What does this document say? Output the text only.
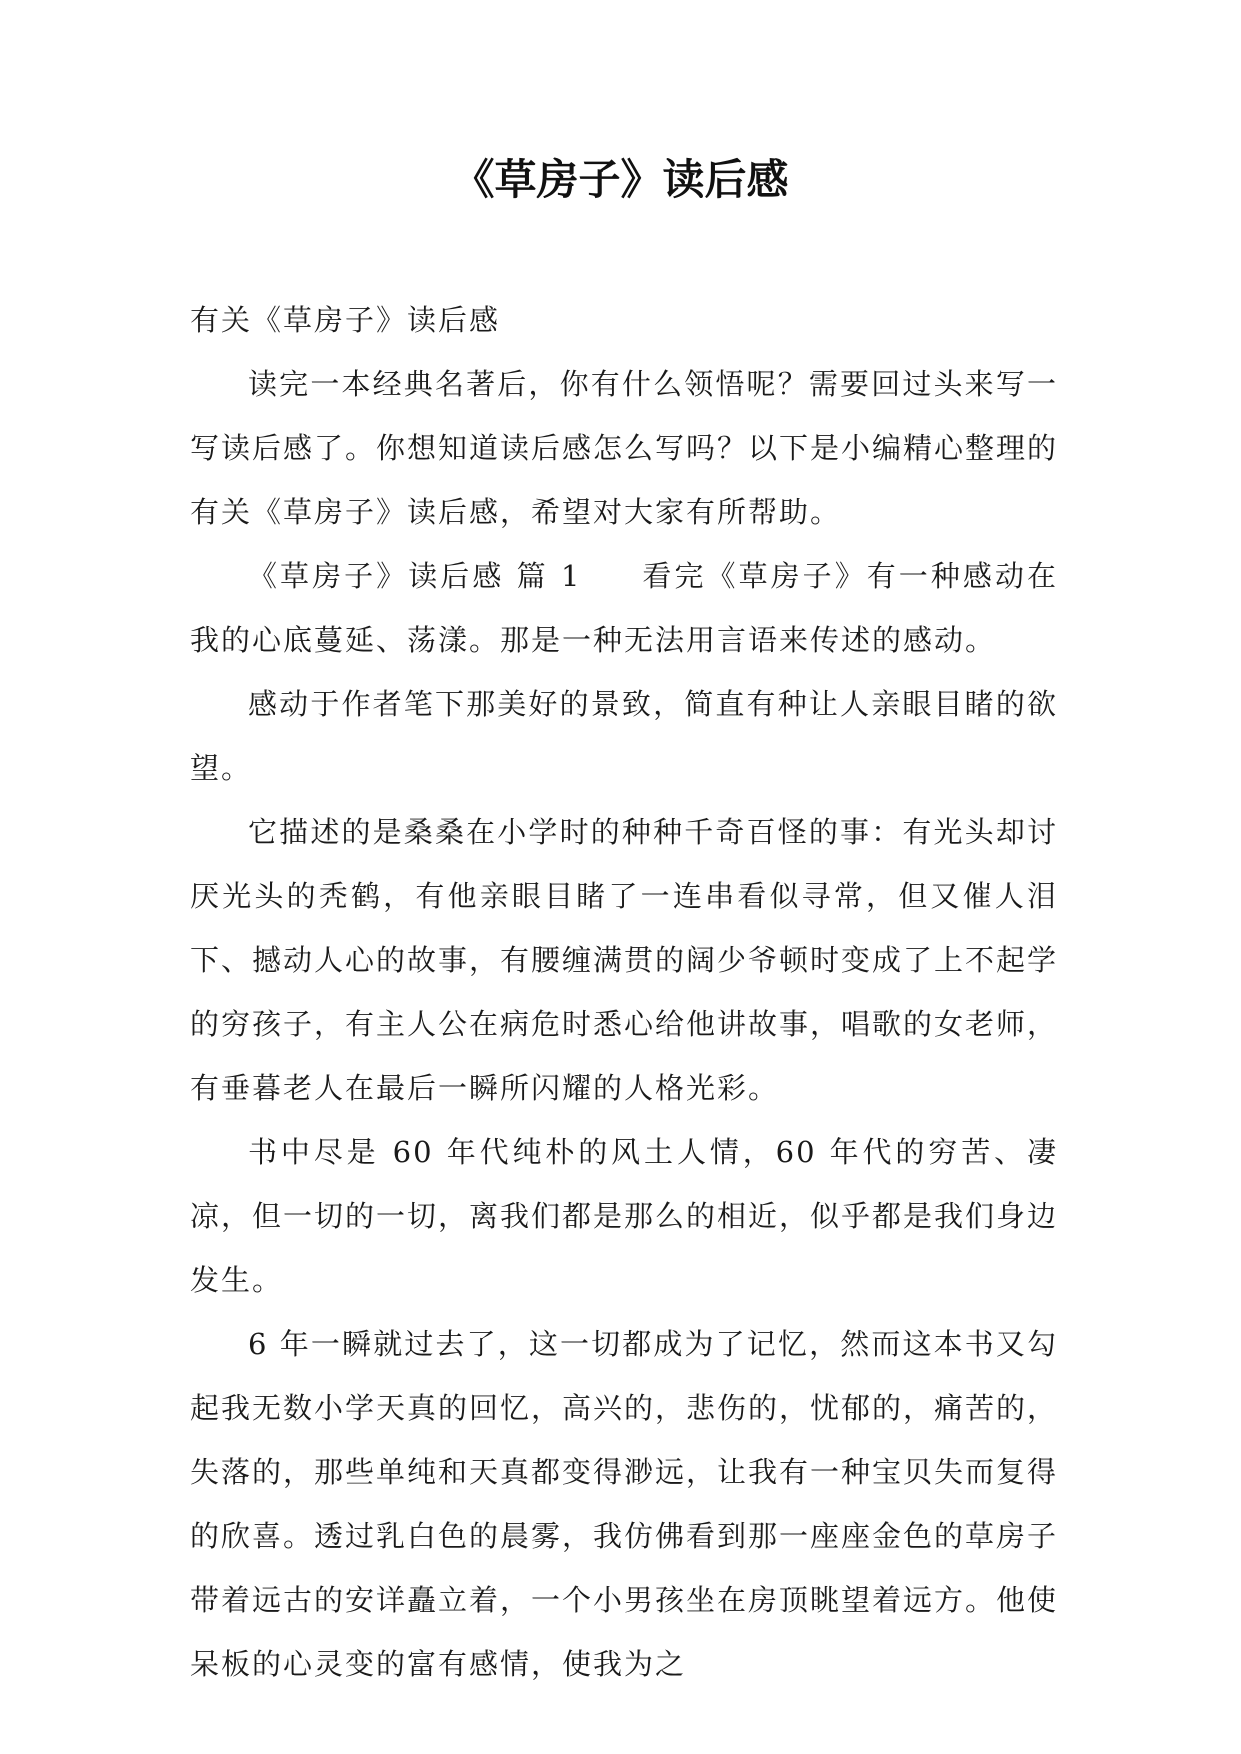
《草房子》读后感

有关《草房子》读后感

读完一本经典名著后，你有什么领悟呢？需要回过头来写一写读后感了。你想知道读后感怎么写吗？以下是小编精心整理的有关《草房子》读后感，希望对大家有所帮助。

《草房子》读后感 篇 1 看完《草房子》有一种感动在我的心底蔓延、荡漾。那是一种无法用言语来传述的感动。

感动于作者笔下那美好的景致，简直有种让人亲眼目睹的欲望。

它描述的是桑桑在小学时的种种千奇百怪的事：有光头却讨厌光头的秃鹤，有他亲眼目睹了一连串看似寻常，但又催人泪下、撼动人心的故事，有腰缠满贯的阔少爷顿时变成了上不起学的穷孩子，有主人公在病危时悉心给他讲故事，唱歌的女老师，有垂暮老人在最后一瞬所闪耀的人格光彩。

书中尽是 60 年代纯朴的风土人情，60 年代的穷苦、凄凉，但一切的一切，离我们都是那么的相近，似乎都是我们身边发生。

6 年一瞬就过去了，这一切都成为了记忆，然而这本书又勾起我无数小学天真的回忆，高兴的，悲伤的，忧郁的，痛苦的，失落的，那些单纯和天真都变得渺远，让我有一种宝贝失而复得的欣喜。透过乳白色的晨雾，我仿佛看到那一座座金色的草房子带着远古的安详矗立着，一个小男孩坐在房顶眺望着远方。他使呆板的心灵变的富有感情，使我为之
